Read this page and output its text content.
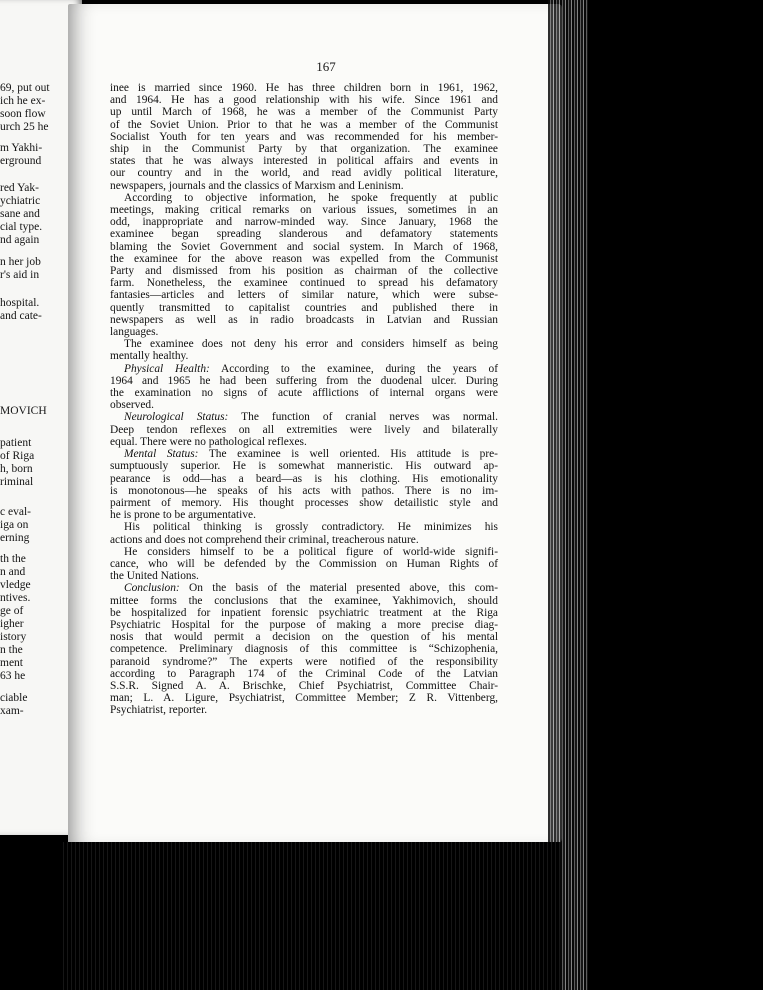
69, put out
ich he ex-
soon flow
urch 25 he
m Yakhi-
erground
red Yak-
ychiatric
sane and
cial type.
nd again
n her job
r's aid in
hospital.
and cate-
MOVICH
patient
of Riga
h, born
riminal
c eval-
iga on
erning
th the
n and
vledge
ntives.
ge of
igher
istory
n the
ment
63 he
ciable
xam-
167

inee is married since 1960. He has three children born in 1961, 1962,
and 1964. He has a good relationship with his wife. Since 1961 and
up until March of 1968, he was a member of the Communist Party
of the Soviet Union. Prior to that he was a member of the Communist
Socialist Youth for ten years and was recommended for his member-
ship in the Communist Party by that organization. The examinee
states that he was always interested in political affairs and events in
our country and in the world, and read avidly political literature,
newspapers, journals and the classics of Marxism and Leninism.

According to objective information, he spoke frequently at public
meetings, making critical remarks on various issues, sometimes in an
odd, inappropriate and narrow-minded way. Since January, 1968 the
examinee began spreading slanderous and defamatory statements
blaming the Soviet Government and social system. In March of 1968,
the examinee for the above reason was expelled from the Communist
Party and dismissed from his position as chairman of the collective
farm. Nonetheless, the examinee continued to spread his defamatory
fantasies—articles and letters of similar nature, which were subse-
quently transmitted to capitalist countries and published there in
newspapers as well as in radio broadcasts in Latvian and Russian
languages.

The examinee does not deny his error and considers himself as being
mentally healthy.

Physical Health: According to the examinee, during the years of
1964 and 1965 he had been suffering from the duodenal ulcer. During
the examination no signs of acute afflictions of internal organs were
observed.

Neurological Status: The function of cranial nerves was normal.
Deep tendon reflexes on all extremities were lively and bilaterally
equal. There were no pathological reflexes.

Mental Status: The examinee is well oriented. His attitude is pre-
sumptuously superior. He is somewhat manneristic. His outward ap-
pearance is odd—has a beard—as is his clothing. His emotionality
is monotonous—he speaks of his acts with pathos. There is no im-
pairment of memory. His thought processes show detailistic style and
he is prone to be argumentative.

His political thinking is grossly contradictory. He minimizes his
actions and does not comprehend their criminal, treacherous nature.

He considers himself to be a political figure of world-wide signifi-
cance, who will be defended by the Commission on Human Rights of
the United Nations.

Conclusion: On the basis of the material presented above, this com-
mittee forms the conclusions that the examinee, Yakhimovich, should
be hospitalized for inpatient forensic psychiatric treatment at the Riga
Psychiatric Hospital for the purpose of making a more precise diag-
nosis that would permit a decision on the question of his mental
competence. Preliminary diagnosis of this committee is “Schizophenia,
paranoid syndrome?” The experts were notified of the responsibility
according to Paragraph 174 of the Criminal Code of the Latvian
S.S.R. Signed A. A. Brischke, Chief Psychiatrist, Committee Chair-
man; L. A. Ligure, Psychiatrist, Committee Member; Z R. Vittenberg,
Psychiatrist, reporter.
